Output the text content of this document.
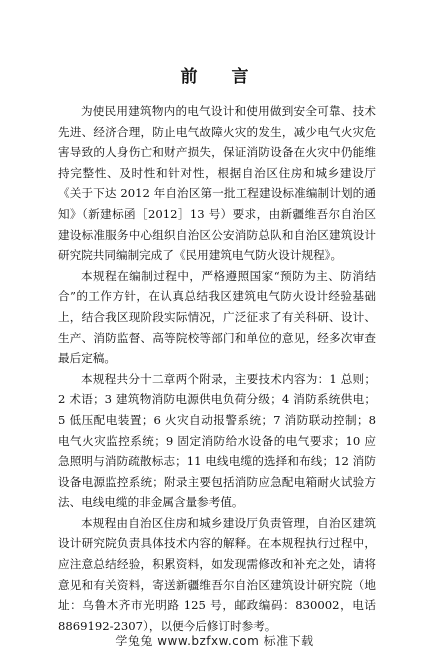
前 言

为使民用建筑物内的电气设计和使用做到安全可靠、技术先进、经济合理，防止电气故障火灾的发生，减少电气火灾危害导致的人身伤亡和财产损失，保证消防设备在火灾中仍能维持完整性、及时性和针对性，根据自治区住房和城乡建设厅《关于下达 2012 年自治区第一批工程建设标准编制计划的通知》（新建标函［2012］13 号）要求，由新疆维吾尔自治区建设标准服务中心组织自治区公安消防总队和自治区建筑设计研究院共同编制完成了《民用建筑电气防火设计规程》。

本规程在编制过程中，严格遵照国家“预防为主、防消结合”的工作方针，在认真总结我区建筑电气防火设计经验基础上，结合我区现阶段实际情况，广泛征求了有关科研、设计、生产、消防监督、高等院校等部门和单位的意见，经多次审查最后定稿。

本规程共分十二章两个附录，主要技术内容为：1 总则；2 术语；3 建筑物消防电源供电负荷分级；4 消防系统供电；5 低压配电装置；6 火灾自动报警系统；7 消防联动控制；8 电气火灾监控系统；9 固定消防给水设备的电气要求；10 应急照明与消防疏散标志；11 电线电缆的选择和布线；12 消防设备电源监控系统；附录主要包括消防应急配电箱耐火试验方法、电线电缆的非金属含量参考值。

本规程由自治区住房和城乡建设厅负责管理，自治区建筑设计研究院负责具体技术内容的解释。在本规程执行过程中，应注意总结经验，积累资料，如发现需修改和补充之处，请将意见和有关资料，寄送新疆维吾尔自治区建筑设计研究院（地址：乌鲁木齐市光明路 125 号，邮政编码：830002，电话 8869192-2307），以便今后修订时参考。

学兔兔 www.bzfxw.com 标准下载
